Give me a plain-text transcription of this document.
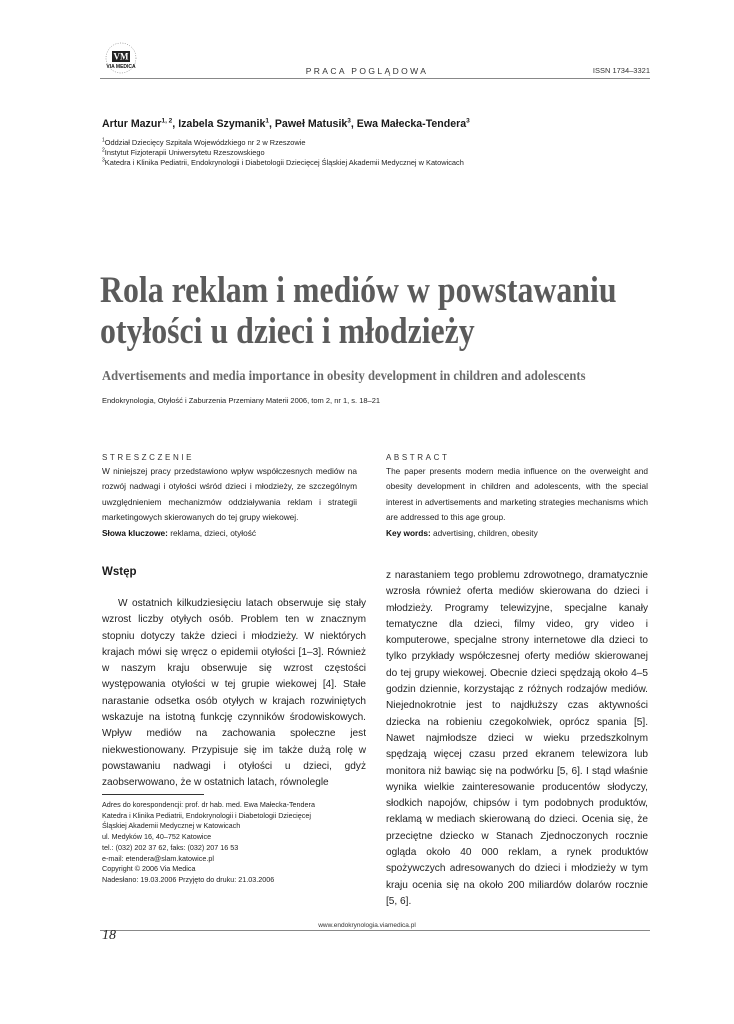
VM
VIA MEDICA	PRACA POGLĄDOWA	ISSN 1734–3321
Artur Mazur$^{1, 2}$, Izabela Szymanik$^1$, Paweł Matusik$^3$, Ewa Małecka-Tendera$^3$
$^1$Oddział Dziecięcy Szpitala Wojewódzkiego nr 2 w Rzeszowie
$^2$Instytut Fizjoterapii Uniwersytetu Rzeszowskiego
$^3$Katedra i Klinika Pediatrii, Endokrynologii i Diabetologii Dziecięcej Śląskiej Akademii Medycznej w Katowicach
Rola reklam i mediów w powstawaniu
otyłości u dzieci i młodzieży
Advertisements and media importance in obesity development in children and adolescents
Endokrynologia, Otyłość i Zaburzenia Przemiany Materii 2006, tom 2, nr 1, s. 18–21
STRESZCZENIE
W niniejszej pracy przedstawiono wpływ współczesnych mediów na rozwój nadwagi i otyłości wśród dzieci i młodzieży, ze szczególnym uwzględnieniem mechanizmów oddziaływania reklam i strategii marketingowych skierowanych do tej grupy wiekowej.
Słowa kluczowe: reklama, dzieci, otyłość
ABSTRACT
The paper presents modern media influence on the overweight and obesity development in children and adolescents, with the special interest in advertisements and marketing strategies mechanisms which are addressed to this age group.
Key words: advertising, children, obesity
Wstęp
W ostatnich kilkudziesięciu latach obserwuje się stały wzrost liczby otyłych osób. Problem ten w znacznym stopniu dotyczy także dzieci i młodzieży. W niektórych krajach mówi się wręcz o epidemii otyłości [1–3]. Również w naszym kraju obserwuje się wzrost częstości występowania otyłości w tej grupie wiekowej [4]. Stałe narastanie odsetka osób otyłych w krajach rozwiniętych wskazuje na istotną funkcję czynników środowiskowych. Wpływ mediów na zachowania społeczne jest niekwestionowany. Przypisuje się im także dużą rolę w powstawaniu nadwagi i otyłości u dzieci, gdyż zaobserwowano, że w ostatnich latach, równolegle
z narastaniem tego problemu zdrowotnego, dramatycznie wzrosła również oferta mediów skierowana do dzieci i młodzieży. Programy telewizyjne, specjalne kanały tematyczne dla dzieci, filmy video, gry video i komputerowe, specjalne strony internetowe dla dzieci to tylko przykłady współczesnej oferty mediów skierowanej do tej grupy wiekowej. Obecnie dzieci spędzają około 4–5 godzin dziennie, korzystając z różnych rodzajów mediów. Niejednokrotnie jest to najdłuższy czas aktywności dziecka na robieniu czegokolwiek, oprócz spania [5]. Nawet najmłodsze dzieci w wieku przedszkolnym spędzają więcej czasu przed ekranem telewizora lub monitora niż bawiąc się na podwórku [5, 6]. I stąd właśnie wynika wielkie zainteresowanie producentów słodyczy, słodkich napojów, chipsów i tym podobnych produktów, reklamą w mediach skierowaną do dzieci. Ocenia się, że przeciętne dziecko w Stanach Zjednoczonych rocznie ogląda około 40 000 reklam, a rynek produktów spożywczych adresowanych do dzieci i młodzieży w tym kraju ocenia się na około 200 miliardów dolarów rocznie [5, 6].
Adres do korespondencji: prof. dr hab. med. Ewa Małecka-Tendera
Katedra i Klinika Pediatrii, Endokrynologii i Diabetologii Dziecięcej
Śląskiej Akademii Medycznej w Katowicach
ul. Medyków 16, 40–752 Katowice
tel.: (032) 202 37 62, faks: (032) 207 16 53
e-mail: etendera@slam.katowice.pl
Copyright © 2006 Via Medica
Nadesłano: 19.03.2006 Przyjęto do druku: 21.03.2006
www.endokrynologia.viamedica.pl
18
